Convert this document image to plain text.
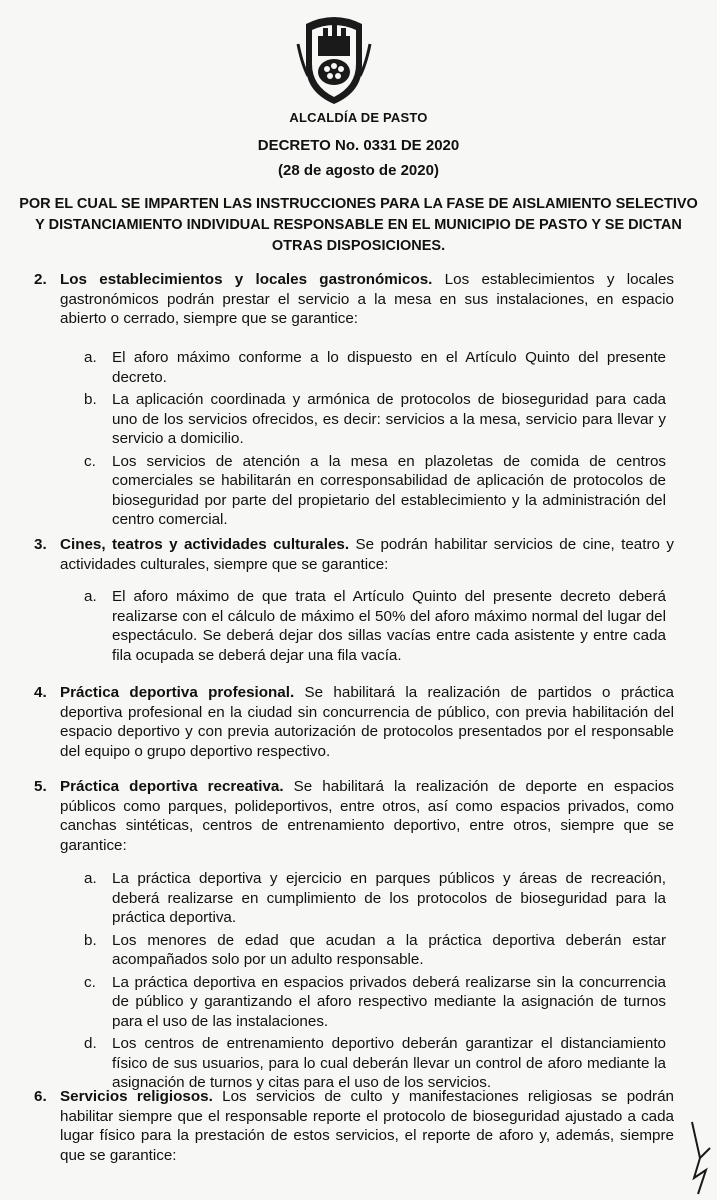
ALCALDÍA DE PASTO
DECRETO No. 0331 DE 2020
(28 de agosto de 2020)
POR EL CUAL SE IMPARTEN LAS INSTRUCCIONES PARA LA FASE DE AISLAMIENTO SELECTIVO Y DISTANCIAMIENTO INDIVIDUAL RESPONSABLE EN EL MUNICIPIO DE PASTO Y SE DICTAN OTRAS DISPOSICIONES.
2. Los establecimientos y locales gastronómicos. Los establecimientos y locales gastronómicos podrán prestar el servicio a la mesa en sus instalaciones, en espacio abierto o cerrado, siempre que se garantice:
a. El aforo máximo conforme a lo dispuesto en el Artículo Quinto del presente decreto.
b. La aplicación coordinada y armónica de protocolos de bioseguridad para cada uno de los servicios ofrecidos, es decir: servicios a la mesa, servicio para llevar y servicio a domicilio.
c. Los servicios de atención a la mesa en plazoletas de comida de centros comerciales se habilitarán en corresponsabilidad de aplicación de protocolos de bioseguridad por parte del propietario del establecimiento y la administración del centro comercial.
3. Cines, teatros y actividades culturales. Se podrán habilitar servicios de cine, teatro y actividades culturales, siempre que se garantice:
a. El aforo máximo de que trata el Artículo Quinto del presente decreto deberá realizarse con el cálculo de máximo el 50% del aforo máximo normal del lugar del espectáculo. Se deberá dejar dos sillas vacías entre cada asistente y entre cada fila ocupada se deberá dejar una fila vacía.
4. Práctica deportiva profesional. Se habilitará la realización de partidos o práctica deportiva profesional en la ciudad sin concurrencia de público, con previa habilitación del espacio deportivo y con previa autorización de protocolos presentados por el responsable del equipo o grupo deportivo respectivo.
5. Práctica deportiva recreativa. Se habilitará la realización de deporte en espacios públicos como parques, polideportivos, entre otros, así como espacios privados, como canchas sintéticas, centros de entrenamiento deportivo, entre otros, siempre que se garantice:
a. La práctica deportiva y ejercicio en parques públicos y áreas de recreación, deberá realizarse en cumplimiento de los protocolos de bioseguridad para la práctica deportiva.
b. Los menores de edad que acudan a la práctica deportiva deberán estar acompañados solo por un adulto responsable.
c. La práctica deportiva en espacios privados deberá realizarse sin la concurrencia de público y garantizando el aforo respectivo mediante la asignación de turnos para el uso de las instalaciones.
d. Los centros de entrenamiento deportivo deberán garantizar el distanciamiento físico de sus usuarios, para lo cual deberán llevar un control de aforo mediante la asignación de turnos y citas para el uso de los servicios.
6. Servicios religiosos. Los servicios de culto y manifestaciones religiosas se podrán habilitar siempre que el responsable reporte el protocolo de bioseguridad ajustado a cada lugar físico para la prestación de estos servicios, el reporte de aforo y, además, siempre que se garantice:
